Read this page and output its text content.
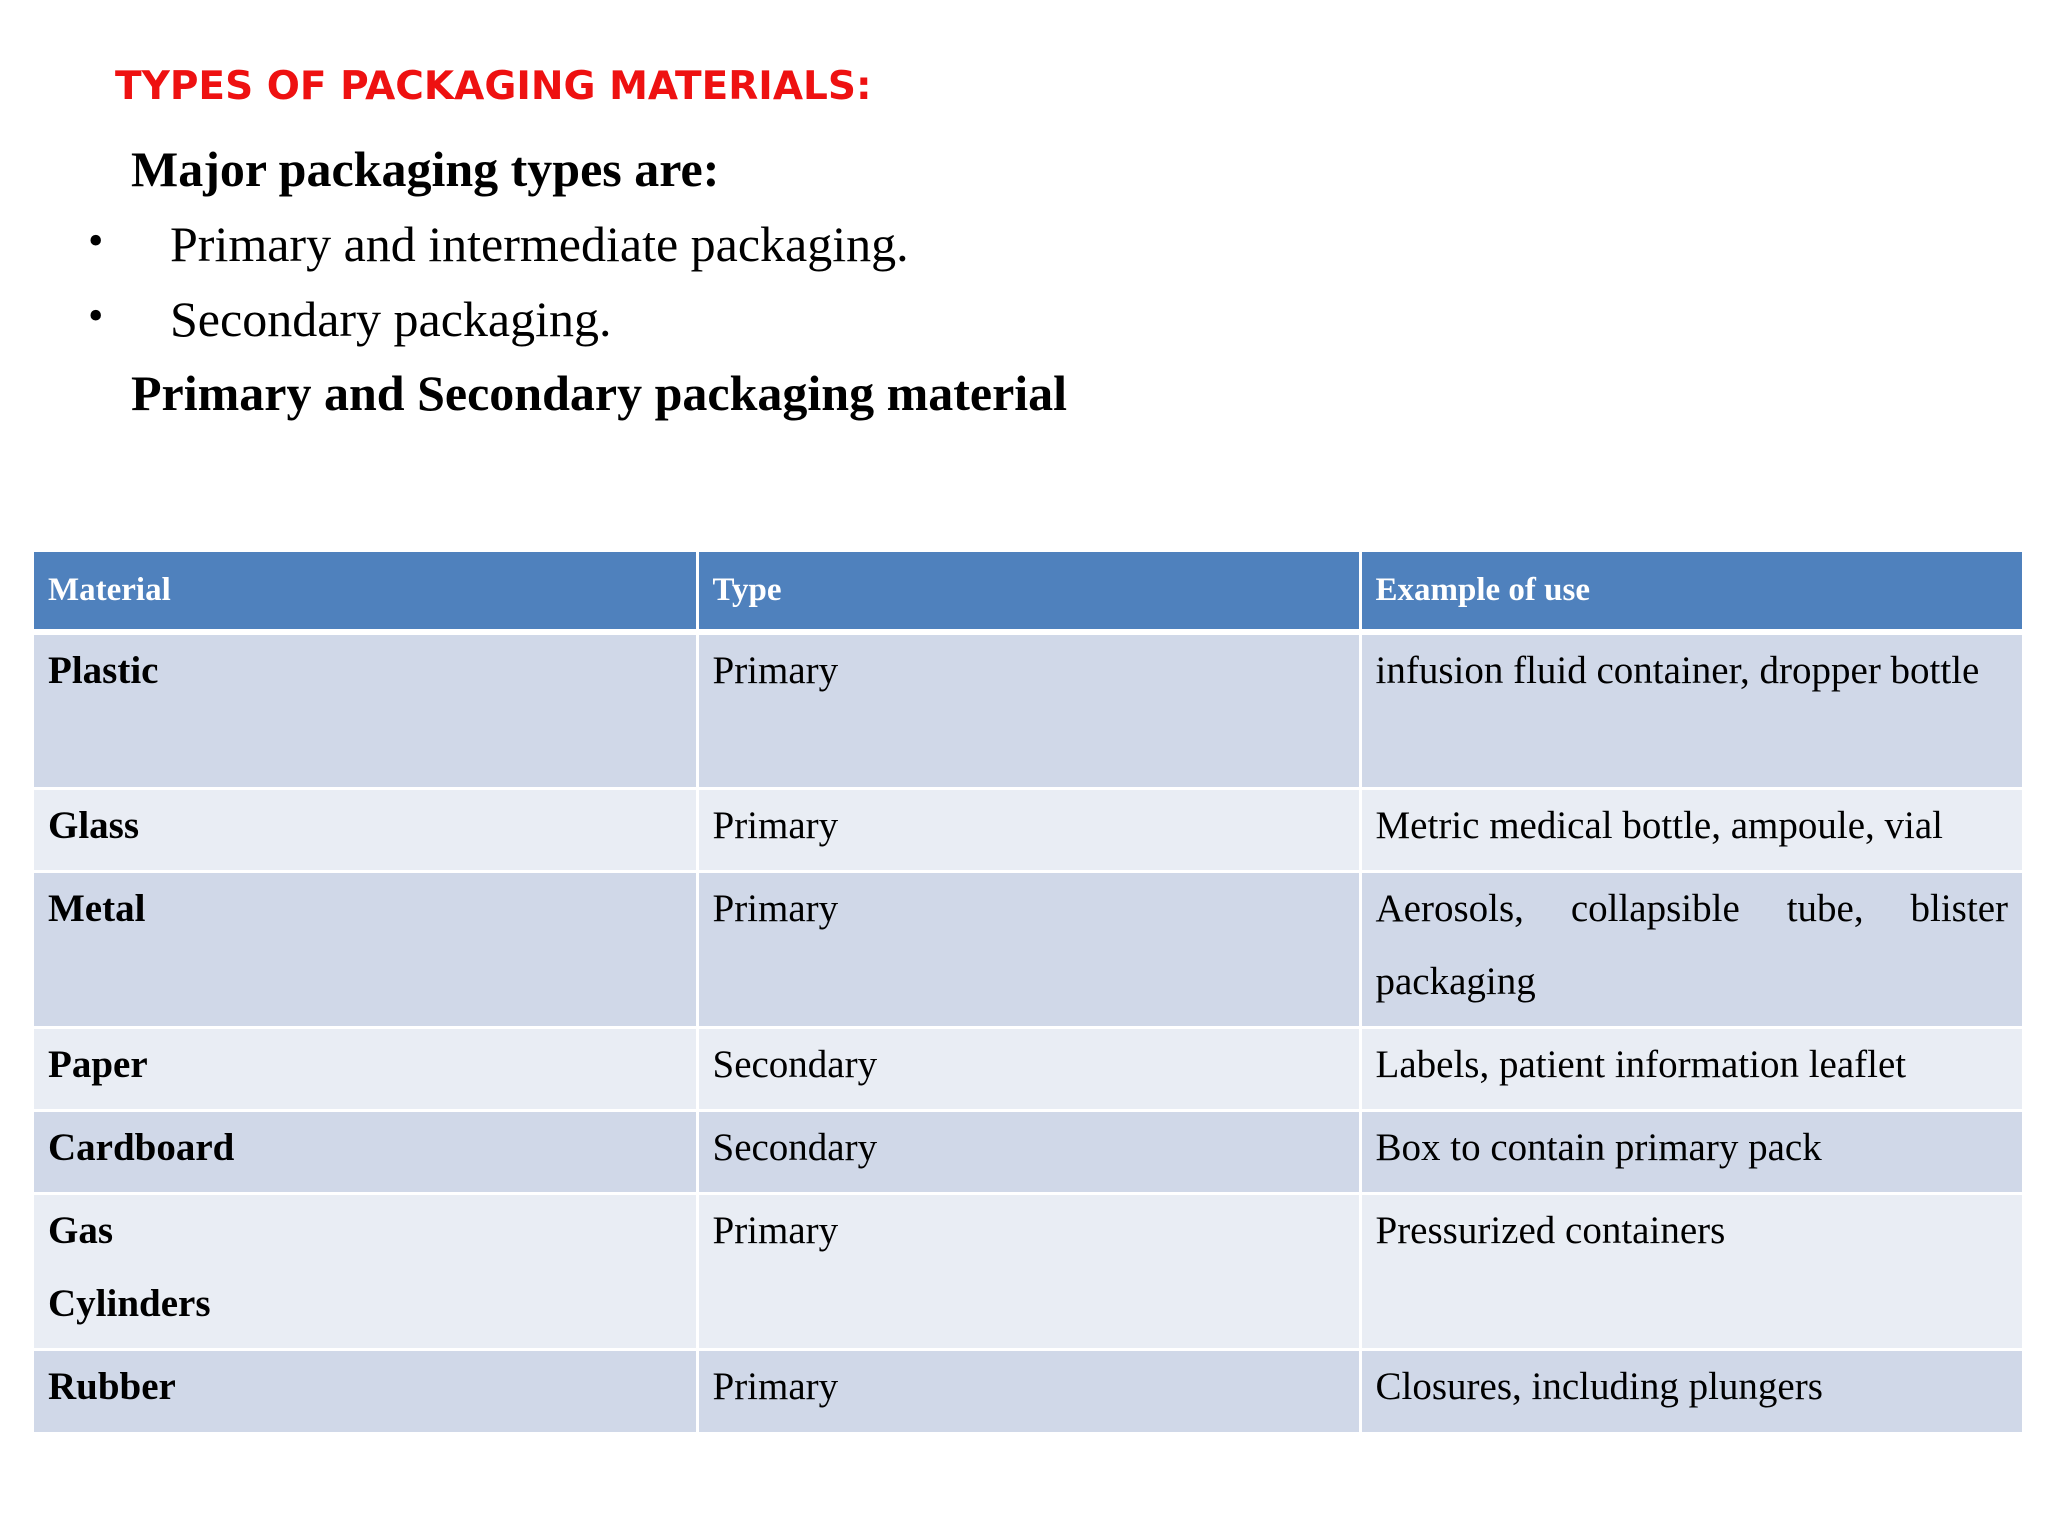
TYPES OF PACKAGING MATERIALS:
Major packaging types are:
• Primary and intermediate packaging.
• Secondary packaging.
Primary and Secondary packaging material
Material	Type	Example of use

Plastic	Primary	infusion fluid container, dropper bottle

Glass	Primary	Metric medical bottle, ampoule, vial

Metal	Primary	Aerosols, collapsible tube, blister packaging

Paper	Secondary	Labels, patient information leaflet

Cardboard	Secondary	Box to contain primary pack

Gas Cylinders	Primary	Pressurized containers

Rubber	Primary	Closures, including plungers
